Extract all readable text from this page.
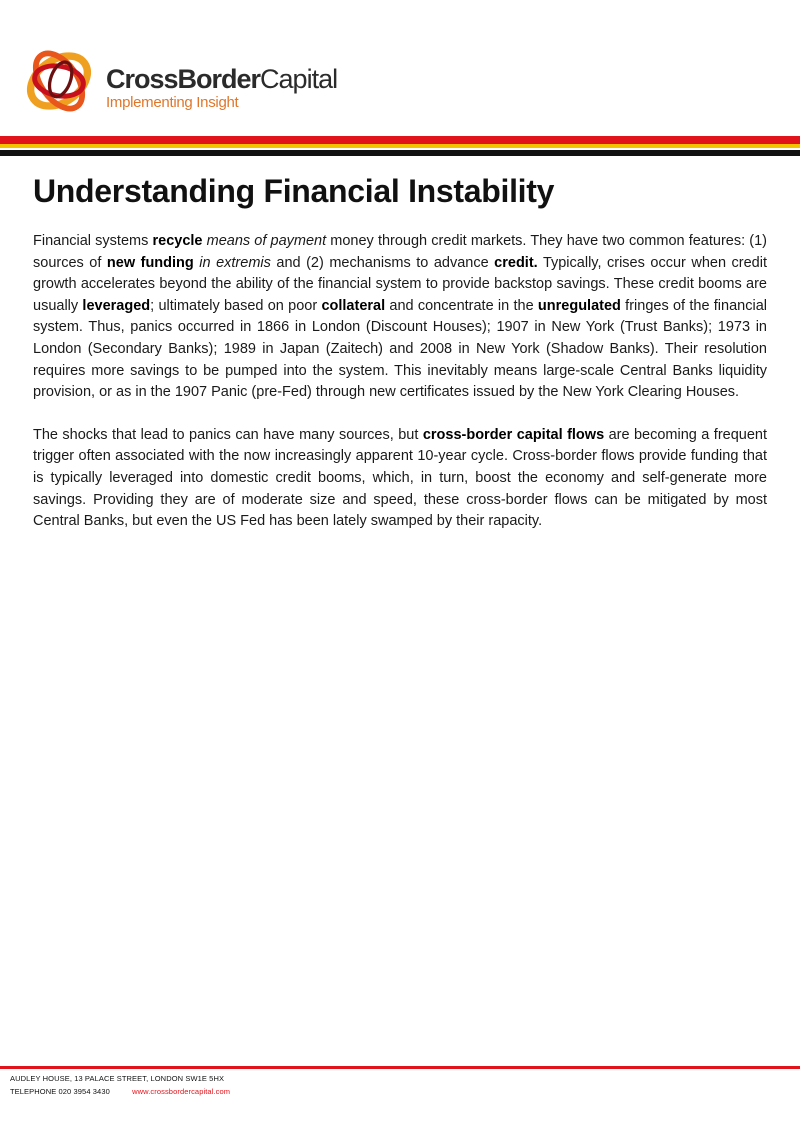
CrossBorderCapital
Implementing Insight
Understanding Financial Instability

Financial systems recycle means of payment money through credit markets. They have two common features: (1) sources of new funding in extremis and (2) mechanisms to advance credit. Typically, crises occur when credit growth accelerates beyond the ability of the financial system to provide backstop savings. These credit booms are usually leveraged; ultimately based on poor collateral and concentrate in the unregulated fringes of the financial system. Thus, panics occurred in 1866 in London (Discount Houses); 1907 in New York (Trust Banks); 1973 in London (Secondary Banks); 1989 in Japan (Zaitech) and 2008 in New York (Shadow Banks). Their resolution requires more savings to be pumped into the system. This inevitably means large-scale Central Banks liquidity provision, or as in the 1907 Panic (pre-Fed) through new certificates issued by the New York Clearing Houses.

The shocks that lead to panics can have many sources, but cross-border capital flows are becoming a frequent trigger often associated with the now increasingly apparent 10-year cycle. Cross-border flows provide funding that is typically leveraged into domestic credit booms, which, in turn, boost the economy and self-generate more savings. Providing they are of moderate size and speed, these cross-border flows can be mitigated by most Central Banks, but even the US Fed has been lately swamped by their rapacity.

AUDLEY HOUSE, 13 PALACE STREET, LONDON SW1E 5HX
TELEPHONE 020 3954 3430	www.crossbordercapital.com
